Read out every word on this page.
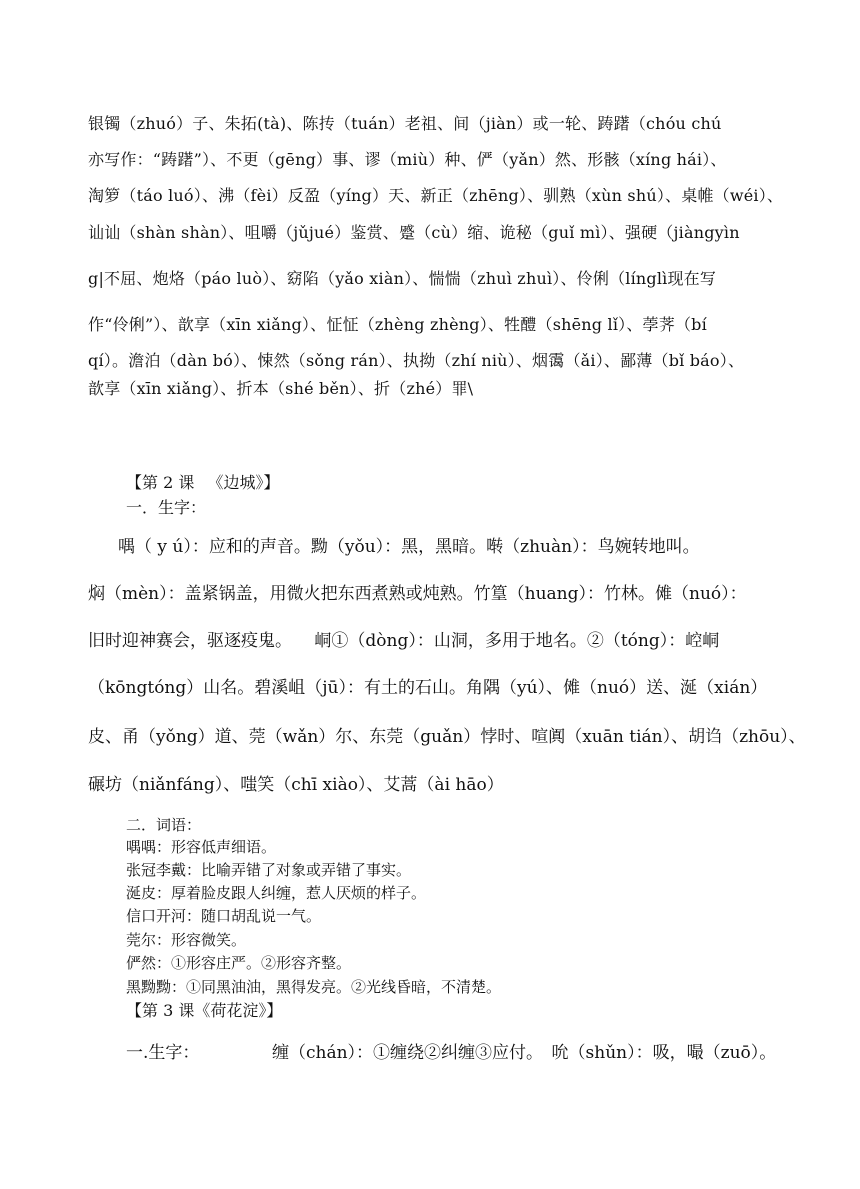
银镯（zhuó）子、朱拓(tà)、陈抟（tuán）老祖、间（jiàn）或一轮、踌躇（chóu chú
亦写作：“踌躇”）、不更（gēng）事、谬（miù）种、俨（yǎn）然、形骸（xíng hái）、
淘箩（táo luó）、沸（fèi）反盈（yíng）天、新正（zhēng）、驯熟（xùn shú）、桌帷（wéi）、
讪讪（shàn shàn）、咀嚼（jǔjué）鉴赏、蹙（cù）缩、诡秘（guǐ mì）、强硬（jiàngyìn
g|不屈、炮烙（páo luò）、窈陷（yǎo xiàn）、惴惴（zhuì zhuì）、伶俐（línglì现在写
作“伶俐”）、歆享（xīn xiǎng）、怔怔（zhèng zhèng）、牲醴（shēng lǐ）、荸荠（bí
qí）。澹泊（dàn bó）、悚然（sǒng rán）、执拗（zhí niù）、烟霭（ǎi）、鄙薄（bǐ báo）、
歆享（xīn xiǎng）、折本（shé běn）、折（zhé）罪\
【第 2 课 　《边城》】
一．生字：
喁（ y ú）：应和的声音。黝（yǒu）：黑，黑暗。啭（zhuàn）：鸟婉转地叫。
焖（mèn）：盖紧锅盖，用微火把东西煮熟或炖熟。竹篁（huang）：竹林。傩（nuó）：
旧时迎神赛会，驱逐疫鬼。 　峒①（dòng）：山洞，多用于地名。②（tóng）：崆峒
（kōngtóng）山名。碧溪岨（jū）：有土的石山。角隅（yú）、傩（nuó）送、涎（xián）
皮、甬（yǒng）道、莞（wǎn）尔、东莞（guǎn）悖时、喧阗（xuān tián）、胡诌（zhōu）、
碾坊（niǎnfáng）、嗤笑（chī xiào）、艾蒿（ài hāo）
二．词语：
喁喁：形容低声细语。
张冠李戴：比喻弄错了对象或弄错了事实。
涎皮：厚着脸皮跟人纠缠，惹人厌烦的样子。
信口开河：随口胡乱说一气。
莞尔：形容微笑。
俨然：①形容庄严。②形容齐整。
黑黝黝：①同黑油油，黑得发亮。②光线昏暗，不清楚。
【第 3 课《荷花淀》】
一.生字：	缠（chán）：①缠绕②纠缠③应付。　吮（shǔn）：吸，嘬（zuō）。
